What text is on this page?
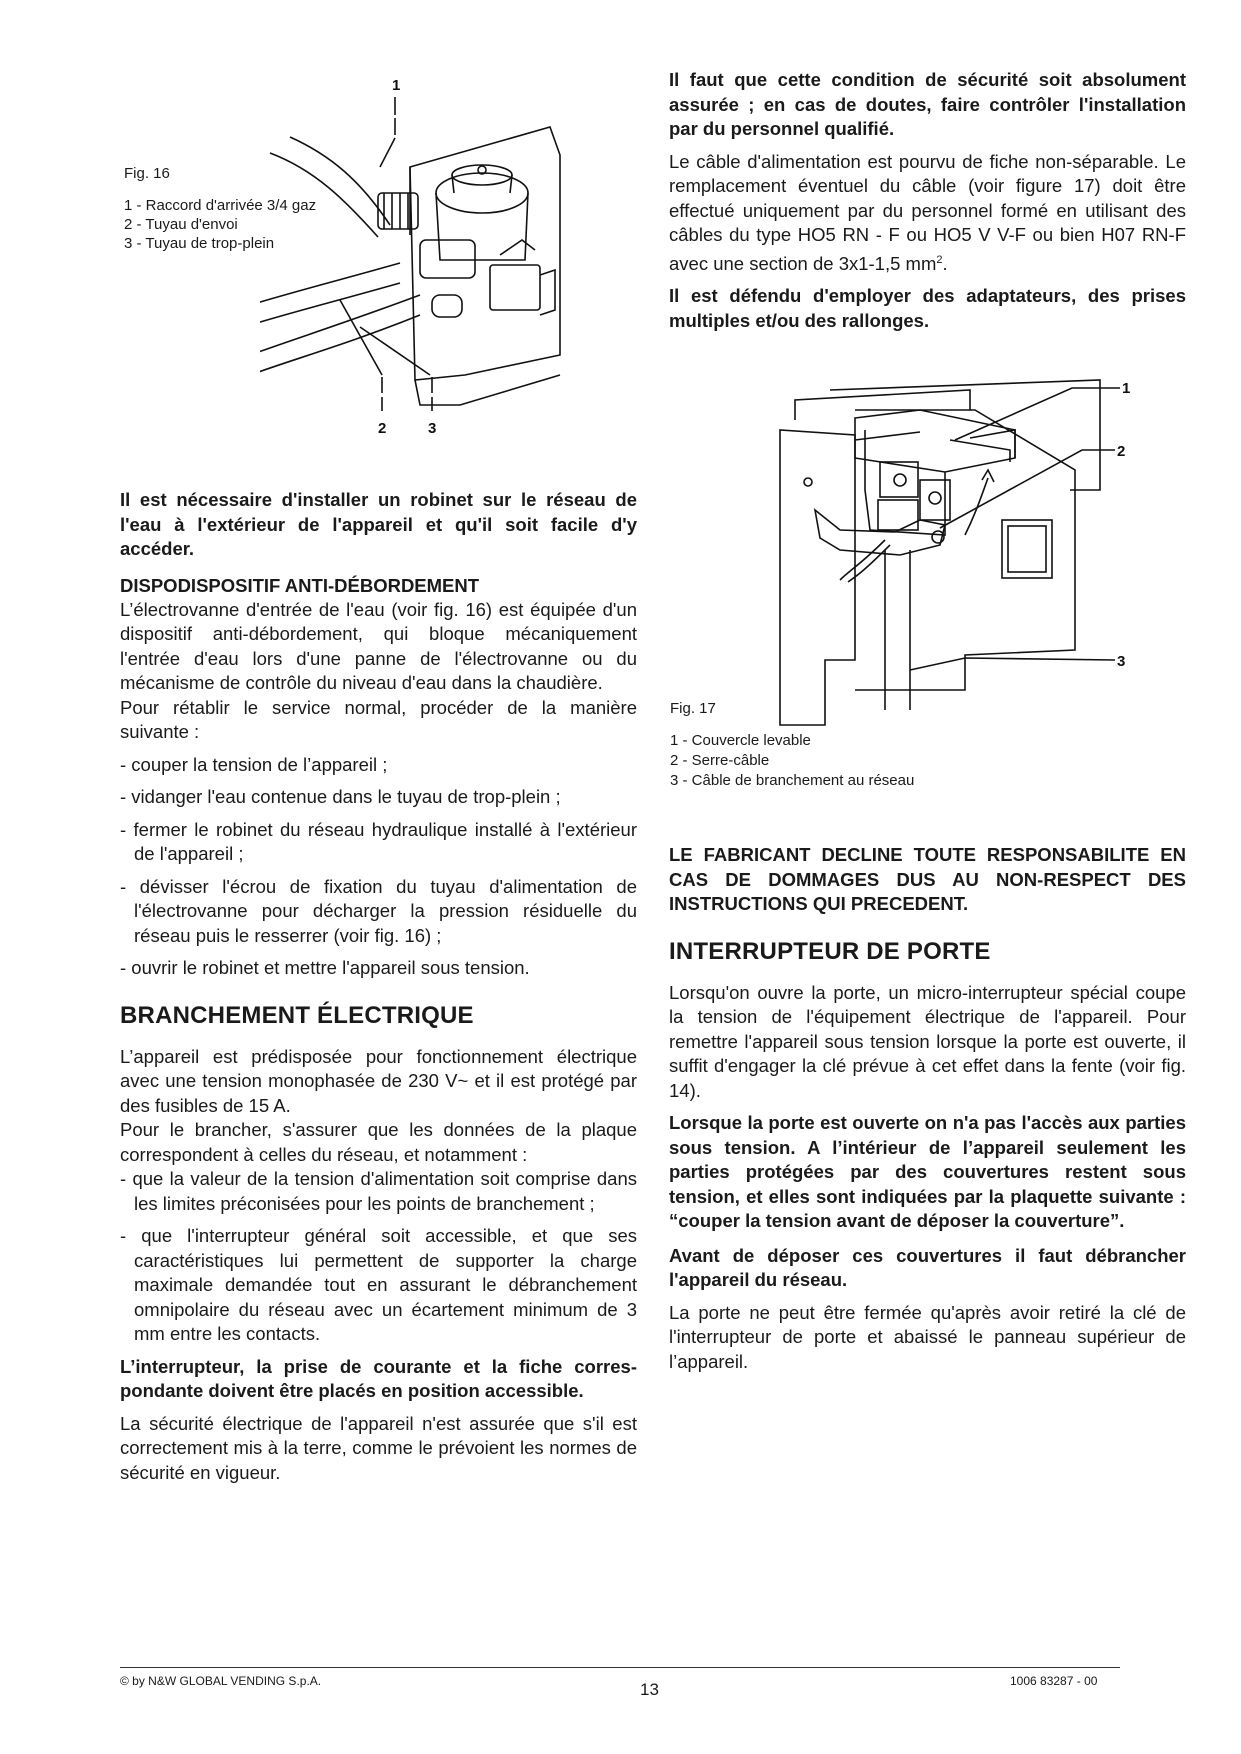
Fig. 16
1 - Raccord d'arrivée 3/4 gaz
2 - Tuyau d'envoi
3 - Tuyau de trop-plein
1
2	3

Il est nécessaire d'installer un robinet sur le réseau de l'eau à l'extérieur de l'appareil et qu'il soit facile d'y accéder.

DISPODISPOSITIF ANTI-DÉBORDEMENT

L’électrovanne d'entrée de l'eau (voir fig. 16) est équipée d'un dispositif anti-débordement, qui bloque mécaniquement l'entrée d'eau lors d'une panne de l'électrovanne ou du mécanisme de contrôle du niveau d'eau dans la chaudière.

Pour rétablir le service normal, procéder de la manière suivante :

- couper la tension de l’appareil ;

- vidanger l'eau contenue dans le tuyau de trop-plein ;

- fermer le robinet du réseau hydraulique installé à l'extérieur de l'appareil ;

- dévisser l'écrou de fixation du tuyau d'alimentation de l'électrovanne pour décharger la pression résiduelle du réseau puis le resserrer (voir fig. 16) ;

- ouvrir le robinet et mettre l'appareil sous tension.

BRANCHEMENT ÉLECTRIQUE

L’appareil est prédisposée pour fonctionnement électrique avec une tension monophasée de 230 V~ et il est protégé par des fusibles de 15 A.

Pour le brancher, s'assurer que les données de la plaque correspondent à celles du réseau, et notamment :

- que la valeur de la tension d'alimentation soit comprise dans les limites préconisées pour les points de branchement ;

- que l'interrupteur général soit accessible, et que ses caractéristiques lui permettent de supporter la charge maximale demandée tout en assurant le débranchement omnipolaire du réseau avec un écartement minimum de 3 mm entre les contacts.

L’interrupteur, la prise de courante et la fiche correspondante doivent être placés en position accessible.

La sécurité électrique de l'appareil n'est assurée que s'il est correctement mis à la terre, comme le prévoient les normes de sécurité en vigueur.

Il faut que cette condition de sécurité soit absolument assurée ; en cas de doutes, faire contrôler l'installation par du personnel qualifié.

Le câble d'alimentation est pourvu de fiche non-séparable. Le remplacement éventuel du câble (voir figure 17) doit être effectué uniquement par du personnel formé en utilisant des câbles du type HO5 RN - F ou HO5 V V-F ou bien H07 RN-F avec une section de 3x1-1,5 $mm^2$.

Il est défendu d'employer des adaptateurs, des prises multiples et/ou des rallonges.

1
2
3
Fig. 17
1 - Couvercle levable
2 - Serre-câble
3 - Câble de branchement au réseau

LE FABRICANT DECLINE TOUTE RESPONSABILITE EN CAS DE DOMMAGES DUS AU NON-RESPECT DES INSTRUCTIONS QUI PRECEDENT.

INTERRUPTEUR DE PORTE

Lorsqu'on ouvre la porte, un micro-interrupteur spécial coupe la tension de l'équipement électrique de l'appareil. Pour remettre l'appareil sous tension lorsque la porte est ouverte, il suffit d'engager la clé prévue à cet effet dans la fente (voir fig. 14).

Lorsque la porte est ouverte on n'a pas l'accès aux parties sous tension. A l’intérieur de l’appareil seulement les parties protégées par des couvertures restent sous tension, et elles sont indiquées par la plaquette suivante : “couper la tension avant de déposer la couverture”.

Avant de déposer ces couvertures il faut débrancher l'appareil du réseau.

La porte ne peut être fermée qu'après avoir retiré la clé de l'interrupteur de porte et abaissé le panneau supérieur de l’appareil.

© by N&W GLOBAL VENDING S.p.A.	13	1006 83287 - 00
